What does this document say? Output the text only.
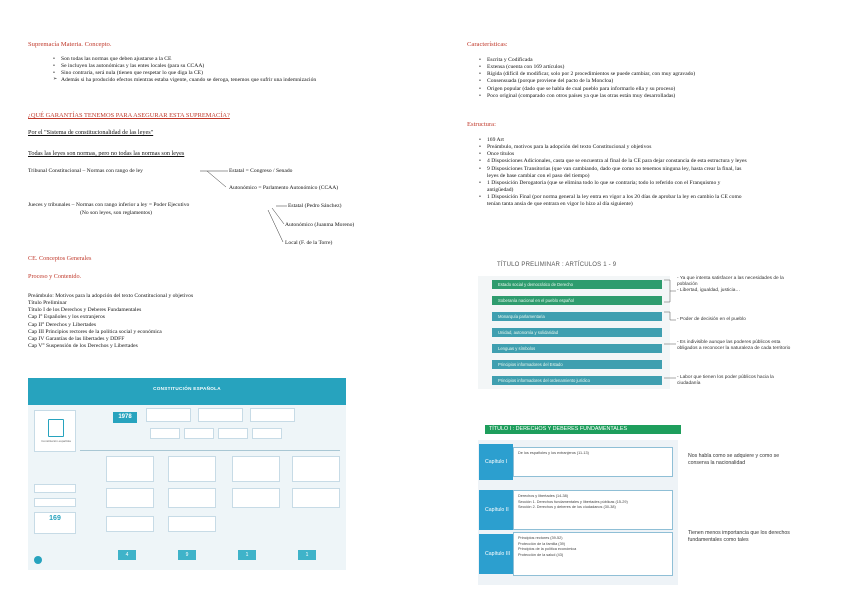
Supremacía Materia. Concepto.
• Son todas las normas que deben ajustarse a la CE
• Se incluyen las autonómicas y las entes locales (para su CCAA)
• Sino contraria, será nula (tienen que respetar lo que diga la CE)
➢ Además si ha producido efectos mientras estaba vigente, cuando se deroga, tenemos que sufrir una indemnización
¿QUÉ GARANTÍAS TENEMOS PARA ASEGURAR ESTA SUPREMACÍA?
Por el "Sistema de constitucionalidad de las leyes"
Todas las leyes son normas, pero no todas las normas son leyes
Tribunal Constitucional – Normas con rango de ley	Estatal = Congreso / Senado
Autonómico = Parlamento Autonómico (CCAA)
Jueces y tribunales – Normas con rango inferior a ley = Poder Ejecutivo
(No son leyes, son reglamentos)
Estatal (Pedro Sánchez)
Autonómico (Juanma Moreno)
Local (F. de la Torre)
CE. Conceptos Generales
Proceso y Contenido.
Preámbulo: Motivos para la adopción del texto Constitucional y objetivos
Título Preliminar
Título I de los Derechos y Deberes Fundamentales
Cap I° Españoles y los extranjeros
Cap II° Derechos y Libertades
Cap III Principios rectores de la política social y económica
Cap IV Garantías de las libertades y DDFF
Cap V° Suspensión de los Derechos y Libertades
CONSTITUCIÓN ESPAÑOLA
Constitución española
1978
169
4	9	1	1
Características:
• Escrita y Codificada
• Extensa (cuenta con 169 artículos)
• Rígida (difícil de modificar, solo por 2 procedimientos se puede cambiar, con muy agravado)
• Consensuada (porque proviene del pacto de la Moncloa)
• Origen popular (dado que se habla de cual pueblo para informarlo ella y su proceso)
• Poco original (comparado con otros países ya que las otras están muy desarrolladas)
Estructura:
• 169 Art
• Preámbulo, motivos para la adopción del texto Constitucional y objetivos
• Once títulos
• 4 Disposiciones Adicionales, casta que se encuentra al final de la CE para dejar constancia de esta estructura y leyes
• 9 Disposiciones Transitorias (que van cambiando, dado que como no tenemos ninguna ley, hasta crear la final, las leyes de base cambiar con el paso del tiempo)
• 1 Disposición Derogatoria (que se elimina todo lo que se contraria; todo lo referido con el Franquismo y antigüedad)
• 1 Disposición Final (por norma general la ley entra en vigor a los 20 días de aprobar la ley en cambio la CE como tenían tanta ansia de que entrara en vigor lo hizo al día siguiente)
TÍTULO PRELIMINAR : ARTÍCULOS 1 - 9
Estado social y democrático de Derecho
Soberanía nacional en el pueblo español
Monarquía parlamentaria
Unidad, autonomía y solidaridad
Lenguas y símbolos
Principios informadores del Estado
Principios informadores del ordenamiento jurídico
- Ya que intenta satisfacer a las necesidades de la población
- Libertad, igualdad, justicia…
- Poder de decisión en el pueblo
- Es indivisible aunque las poderes públicos esta obligados a reconocer la naturaleza de cada territorio
- Labor que tienen los poder públicos hacia la ciudadanía
TÍTULO I : DERECHOS Y DEBERES FUNDAMENTALES
Capítulo I
De los españoles y los extranjeros (11-13)	Nos habla como se adquiere y como se conserva la nacionalidad
Capítulo II
Derechos y libertades (14-38)
Sección 1. Derechos fundamentales y libertades públicas (15-29)
Sección 2. Derechos y deberes de los ciudadanos (30-38)
Capítulo III
Principios rectores (39-52)
Protección de la familia (39)
Principios de la política económica
Protección de la salud (43)
Tienen menos importancia que los derechos fundamentales como tales
